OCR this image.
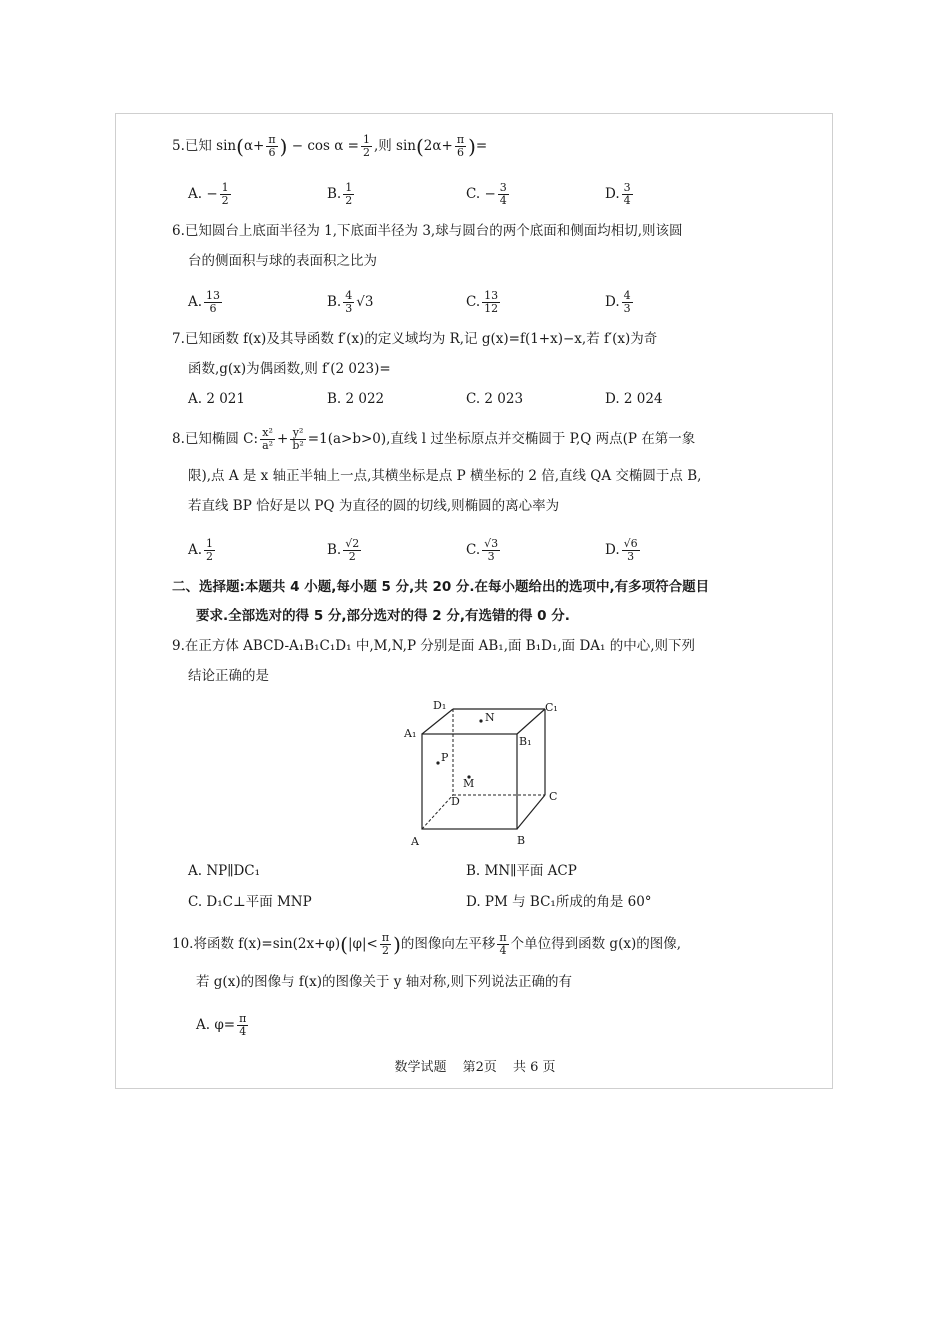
5.已知 $\sin(\alpha+ \frac{\pi}{6}$ ) − $\cos \alpha = \frac{1}{2}$ ,则 $\sin(2\alpha+ \frac{\pi}{6}$ )=
A. − $\frac{1}{2}$	B. $\frac{1}{2}$	C. − $\frac{3}{4}$	D. $\frac{3}{4}$
6.已知圆台上底面半径为 1,下底面半径为 3,球与圆台的两个底面和侧面均相切,则该圆
台的侧面积与球的表面积之比为
A. $\frac{13}{6}$	B. $\frac{4}{3} √3$	C. $\frac{13}{12}$	D. $\frac{4}{3}$
7.已知函数 f(x)及其导函数 f′(x)的定义域均为 R,记 g(x)=f(1+x)−x,若 f′(x)为奇
函数,g(x)为偶函数,则 f′(2 023)=
A. 2 021	B. 2 022	C. 2 023	D. 2 024
8.已知椭圆 C: $\frac{\text{x²}}{\text{a²}} + \frac{\text{y²}}{\text{b²}} =1(a>b>0)$,直线 l 过坐标原点并交椭圆于 P,Q 两点(P 在第一象
限),点 A 是 x 轴正半轴上一点,其横坐标是点 P 横坐标的 2 倍,直线 QA 交椭圆于点 B,
若直线 BP 恰好是以 PQ 为直径的圆的切线,则椭圆的离心率为
A. $\frac{1}{2}$	B. $\frac{√2}{2}$	C. $\frac{√3}{3}$	D. $\frac{√6}{3}$
二、选择题:本题共 4 小题,每小题 5 分,共 20 分.在每小题给出的选项中,有多项符合题目
要求.全部选对的得 5 分,部分选对的得 2 分,有选错的得 0 分.
9.在正方体 ABCD-A₁B₁C₁D₁ 中,M,N,P 分别是面 AB₁,面 B₁D₁,面 DA₁ 的中心,则下列
结论正确的是
D₁	C₁
A₁
B₁
N
P
M
D	C
A	B
A. NP∥DC₁	B. MN∥平面 ACP
C. D₁C⊥平面 MNP	D. PM 与 BC₁所成的角是 60°
10.将函数 $f(x)=\sin(2x+\varphi)(|\varphi|< \frac{\pi}{2}$ )的图像向左平移 $\frac{\pi}{4}$ 个单位得到函数 g(x)的图像,
若 g(x)的图像与 f(x)的图像关于 y 轴对称,则下列说法正确的有
A. $\varphi= \frac{\pi}{4}$
数学试题 第2页 共 6 页
